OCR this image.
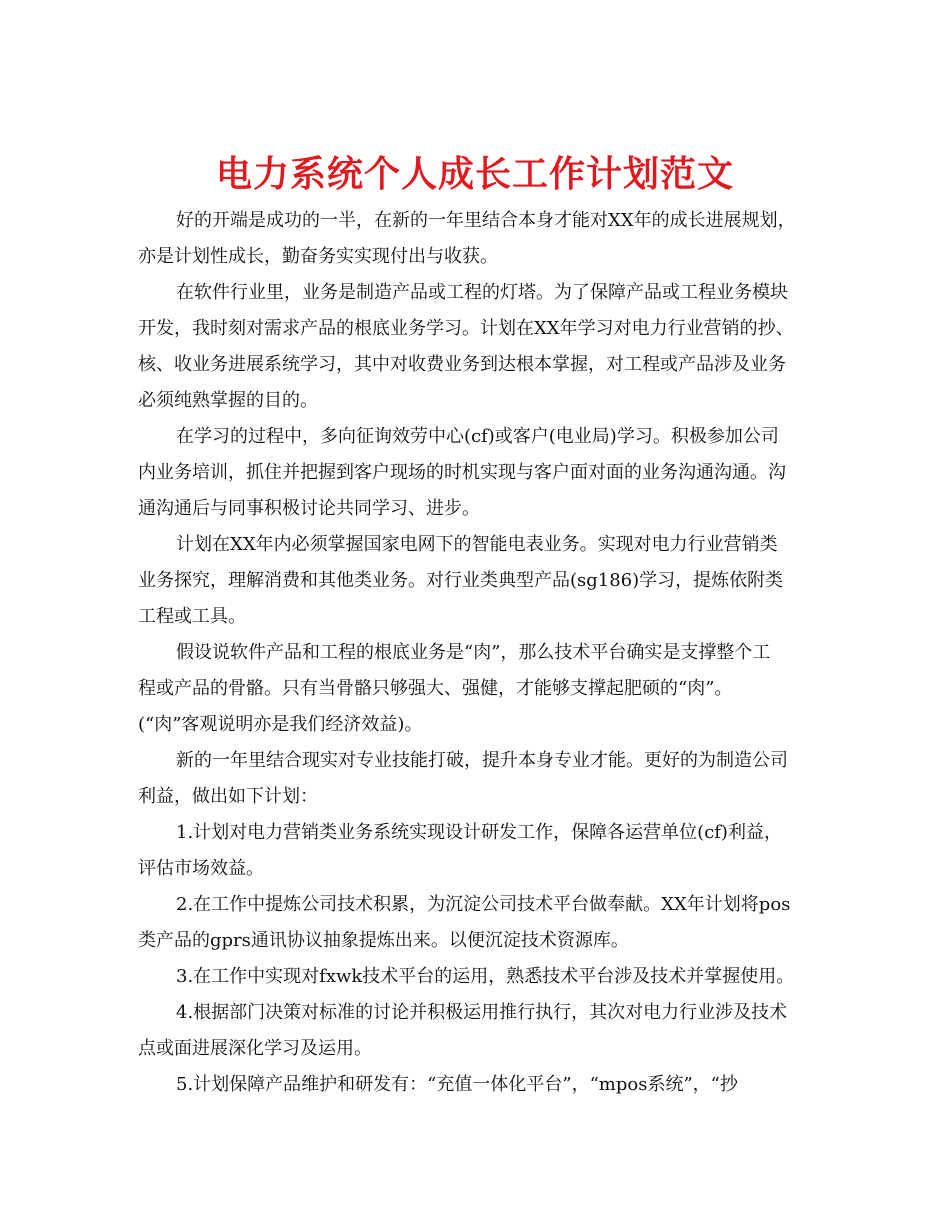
电力系统个人成长工作计划范文

好的开端是成功的一半，在新的一年里结合本身才能对XX年的成长进展规划，
亦是计划性成长，勤奋务实实现付出与收获。

在软件行业里，业务是制造产品或工程的灯塔。为了保障产品或工程业务模块
开发，我时刻对需求产品的根底业务学习。计划在XX年学习对电力行业营销的抄、
核、收业务进展系统学习，其中对收费业务到达根本掌握，对工程或产品涉及业务
必须纯熟掌握的目的。

在学习的过程中，多向征询效劳中心(cf)或客户(电业局)学习。积极参加公司
内业务培训，抓住并把握到客户现场的时机实现与客户面对面的业务沟通沟通。沟
通沟通后与同事积极讨论共同学习、进步。

计划在XX年内必须掌握国家电网下的智能电表业务。实现对电力行业营销类
业务探究，理解消费和其他类业务。对行业类典型产品(sg186)学习，提炼依附类
工程或工具。

假设说软件产品和工程的根底业务是“肉”，那么技术平台确实是支撑整个工
程或产品的骨骼。只有当骨骼只够强大、强健，才能够支撑起肥硕的“肉”。
(“肉”客观说明亦是我们经济效益)。

新的一年里结合现实对专业技能打破，提升本身专业才能。更好的为制造公司
利益，做出如下计划：

1.计划对电力营销类业务系统实现设计研发工作，保障各运营单位(cf)利益，
评估市场效益。

2.在工作中提炼公司技术积累，为沉淀公司技术平台做奉献。XX年计划将pos
类产品的gprs通讯协议抽象提炼出来。以便沉淀技术资源库。

3.在工作中实现对fxwk技术平台的运用，熟悉技术平台涉及技术并掌握使用。

4.根据部门决策对标准的讨论并积极运用推行执行，其次对电力行业涉及技术
点或面进展深化学习及运用。

5.计划保障产品维护和研发有：“充值一体化平台”，“mpos系统”，“抄
